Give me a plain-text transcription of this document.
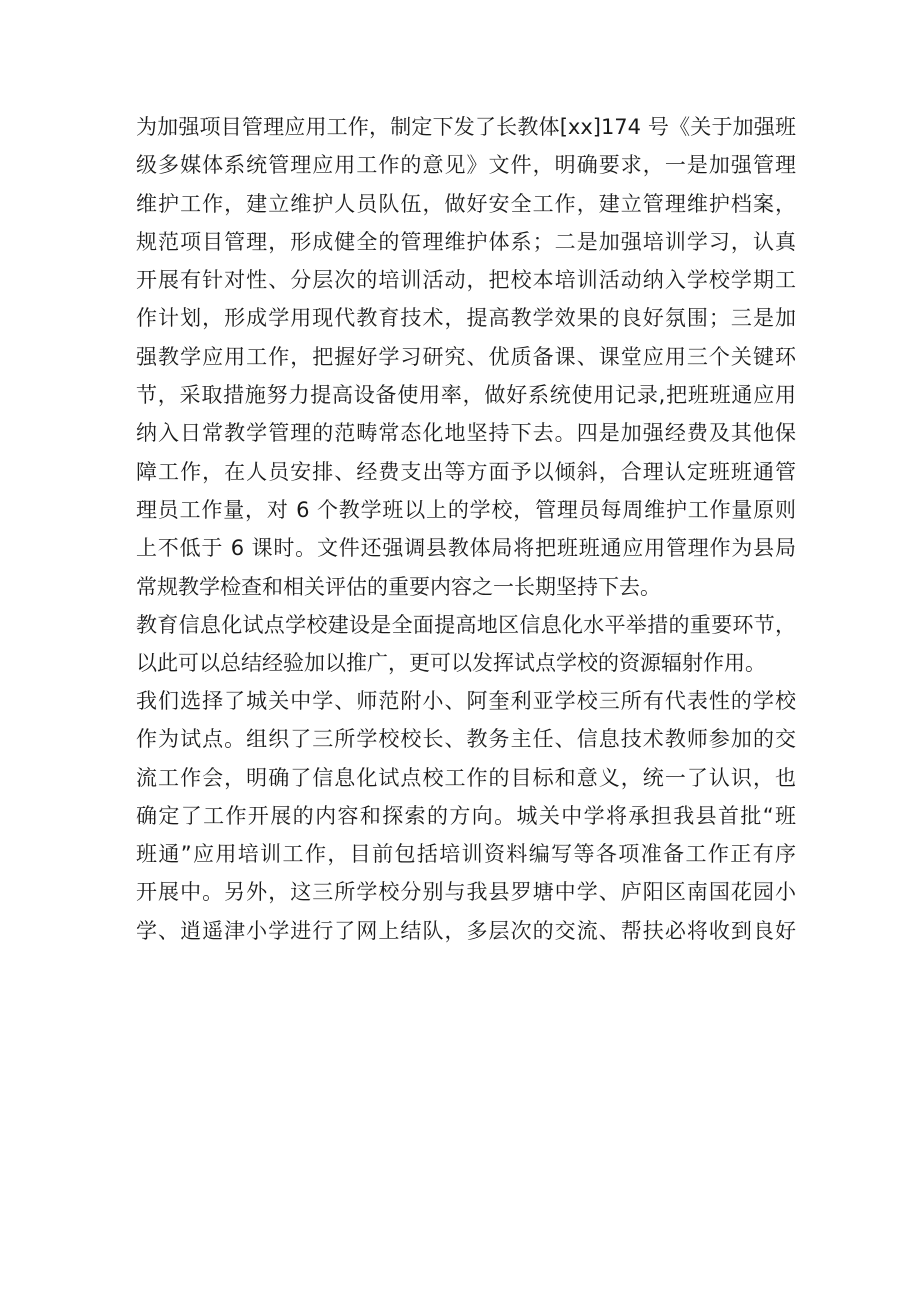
为加强项目管理应用工作，制定下发了长教体[xx]174 号《关于加强班
级多媒体系统管理应用工作的意见》文件，明确要求，一是加强管理
维护工作，建立维护人员队伍，做好安全工作，建立管理维护档案，
规范项目管理，形成健全的管理维护体系；二是加强培训学习，认真
开展有针对性、分层次的培训活动，把校本培训活动纳入学校学期工
作计划，形成学用现代教育技术，提高教学效果的良好氛围；三是加
强教学应用工作，把握好学习研究、优质备课、课堂应用三个关键环
节，采取措施努力提高设备使用率，做好系统使用记录,把班班通应用
纳入日常教学管理的范畴常态化地坚持下去。四是加强经费及其他保
障工作，在人员安排、经费支出等方面予以倾斜，合理认定班班通管
理员工作量，对 6 个教学班以上的学校，管理员每周维护工作量原则
上不低于 6 课时。文件还强调县教体局将把班班通应用管理作为县局
常规教学检查和相关评估的重要内容之一长期坚持下去。
教育信息化试点学校建设是全面提高地区信息化水平举措的重要环节，
以此可以总结经验加以推广，更可以发挥试点学校的资源辐射作用。
我们选择了城关中学、师范附小、阿奎利亚学校三所有代表性的学校
作为试点。组织了三所学校校长、教务主任、信息技术教师参加的交
流工作会，明确了信息化试点校工作的目标和意义，统一了认识，也
确定了工作开展的内容和探索的方向。城关中学将承担我县首批“班
班通”应用培训工作，目前包括培训资料编写等各项准备工作正有序
开展中。另外，这三所学校分别与我县罗塘中学、庐阳区南国花园小
学、逍遥津小学进行了网上结队，多层次的交流、帮扶必将收到良好
